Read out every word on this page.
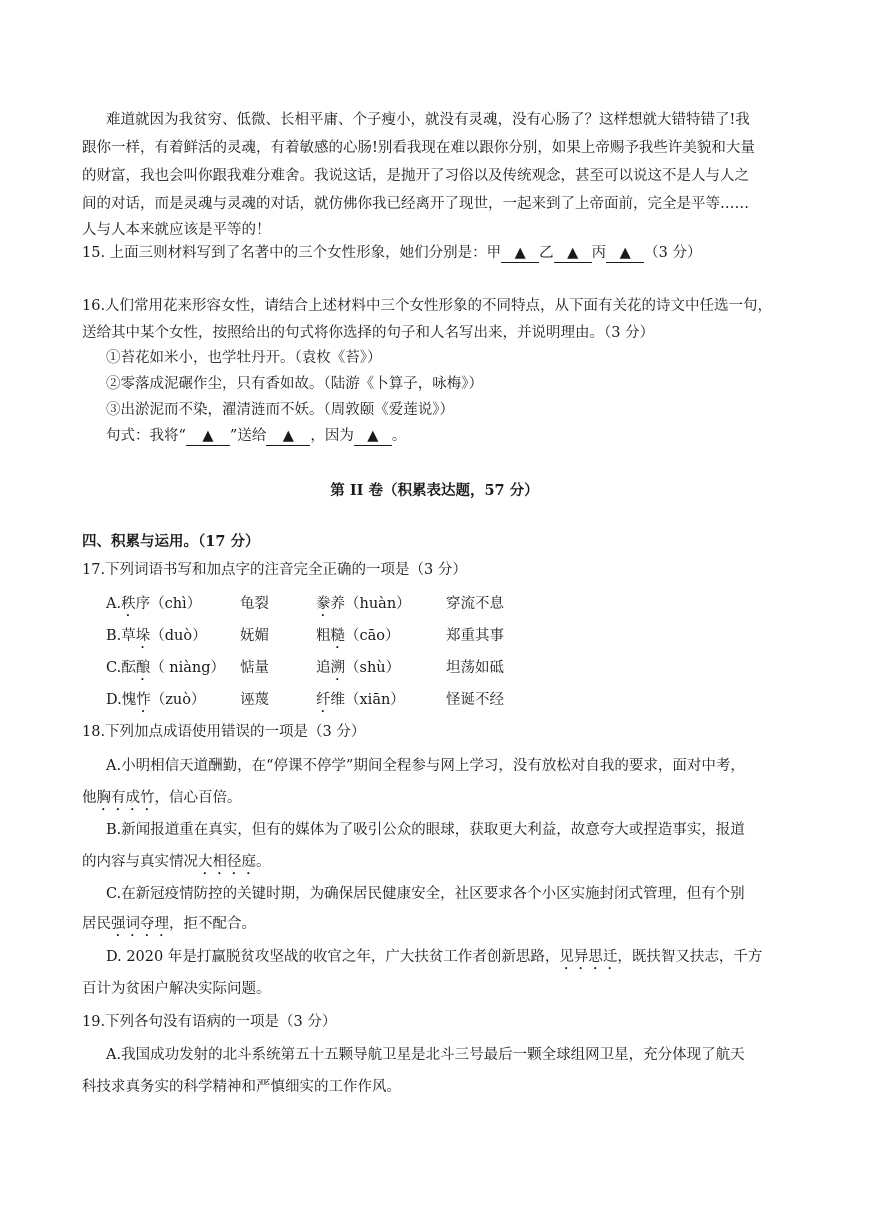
难道就因为我贫穷、低微、长相平庸、个子瘦小，就没有灵魂，没有心肠了？这样想就大错特错了!我
跟你一样，有着鲜活的灵魂，有着敏感的心肠!别看我现在难以跟你分别，如果上帝赐予我些许美貌和大量
的财富，我也会叫你跟我难分难舍。我说这话，是抛开了习俗以及传统观念，甚至可以说这不是人与人之
间的对话，而是灵魂与灵魂的对话，就仿佛你我已经离开了现世，一起来到了上帝面前，完全是平等……
人与人本来就应该是平等的！
15. 上面三则材料写到了名著中的三个女性形象，她们分别是：甲 ▲ 乙 ▲ 丙 ▲ （3 分）
16.人们常用花来形容女性，请结合上述材料中三个女性形象的不同特点，从下面有关花的诗文中任选一句，
送给其中某个女性，按照给出的句式将你选择的句子和人名写出来，并说明理由。（3 分）
①苔花如米小，也学牡丹开。（袁枚《苔》）
②零落成泥碾作尘，只有香如故。（陆游《卜算子，咏梅》）
③出淤泥而不染，濯清涟而不妖。（周敦颐《爱莲说》）
句式：我将“ ▲ ”送给 ▲ ，因为 ▲ 。
第 II 卷（积累表达题，57 分）
四、积累与运用。（17 分）
17.下列词语书写和加点字的注音完全正确的一项是（3 分）
A.秩序（chì）	龟裂	豢养（huàn） 穿流不息
B.草垛（duò） 妩媚	粗糙（cāo）	郑重其事
C.酝酿（ niàng） 惦量	追溯（shù）	坦荡如砥
D.愧怍（zuò） 诬蔑	纤维（xiān）	怪诞不经
18.下列加点成语使用错误的一项是（3 分）
A.小明相信天道酬勤，在“停课不停学”期间全程参与网上学习，没有放松对自我的要求，面对中考，
他胸有成竹，信心百倍。
B.新闻报道重在真实，但有的媒体为了吸引公众的眼球，获取更大利益，故意夸大或捏造事实，报道
的内容与真实情况大相径庭。
C.在新冠疫情防控的关键时期，为确保居民健康安全，社区要求各个小区实施封闭式管理，但有个别
居民强词夺理，拒不配合。
D. 2020 年是打赢脱贫攻坚战的收官之年，广大扶贫工作者创新思路，见异思迁，既扶智又扶志，千方
百计为贫困户解决实际问题。
19.下列各句没有语病的一项是（3 分）
A.我国成功发射的北斗系统第五十五颗导航卫星是北斗三号最后一颗全球组网卫星，充分体现了航天
科技求真务实的科学精神和严慎细实的工作作风。
